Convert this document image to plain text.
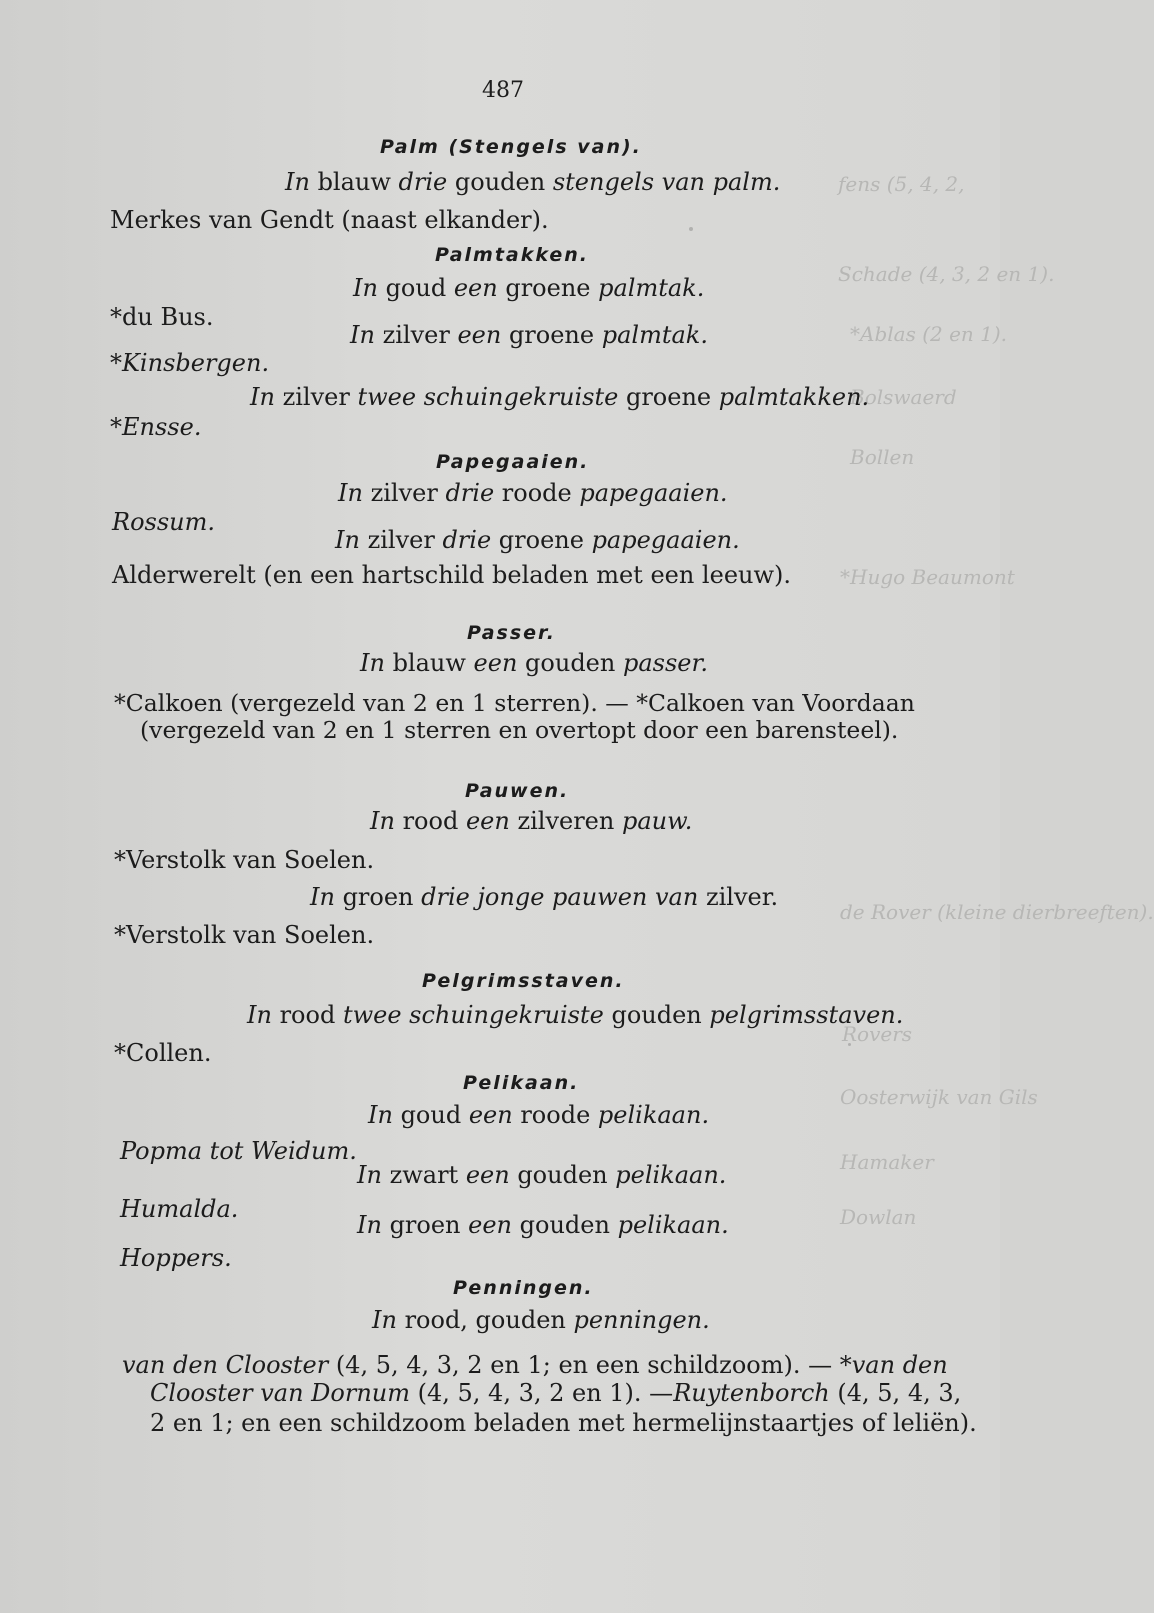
fens (5, 4, 2,
Schade (4, 3, 2 en 1).
*Ablas (2 en 1).
Bolswaerd
Bollen
*Hugo Beaumont
de Rover (kleine dierbreeften).
Rovers
Oosterwijk van Gils
Hamaker
Dowlan
487
Palm (Stengels van).
In blauw drie gouden stengels van palm.
Merkes van Gendt (naast elkander).
Palmtakken.
In goud een groene palmtak.
*du Bus.
In zilver een groene palmtak.
*Kinsbergen.
In zilver twee schuingekruiste groene palmtakken.
*Ensse.
Papegaaien.
In zilver drie roode papegaaien.
Rossum.
In zilver drie groene papegaaien.
Alderwerelt (en een hartschild beladen met een leeuw).
Passer.
In blauw een gouden passer.
*Calkoen (vergezeld van 2 en 1 sterren). — *Calkoen van Voordaan
(vergezeld van 2 en 1 sterren en overtopt door een barensteel).
Pauwen.
In rood een zilveren pauw.
*Verstolk van Soelen.
In groen drie jonge pauwen van zilver.
*Verstolk van Soelen.
Pelgrimsstaven.
In rood twee schuingekruiste gouden pelgrimsstaven.
*Collen.
Pelikaan.
In goud een roode pelikaan.
Popma tot Weidum.
In zwart een gouden pelikaan.
Humalda.
In groen een gouden pelikaan.
Hoppers.
Penningen.
In rood, gouden penningen.
van den Clooster (4, 5, 4, 3, 2 en 1; en een schildzoom). — *van den
Clooster van Dornum (4, 5, 4, 3, 2 en 1). —Ruytenborch (4, 5, 4, 3,
2 en 1; en een schildzoom beladen met hermelijnstaartjes of leliën).
